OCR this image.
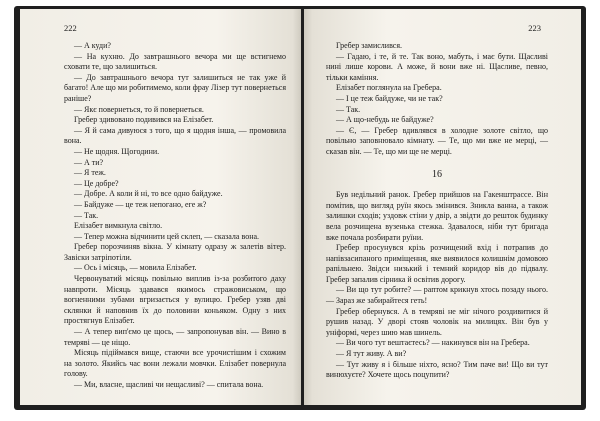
222

— А куди?

— На кухню. До завтрашнього вечора ми ще встигнемо сховати те, що залишиться.

— До завтрашнього вечора тут залишиться не так уже й багато! Але що ми робитимемо, коли фрау Лізер тут повернеться раніше?

— Якє повернеться, то й повернеться.

Гребер здивовано подивився на Елізабет.

— Я й сама дивуюся з того, що я щодня інша, — промовила вона.

— Не щодня. Щогодини.

— А ти?

— Я теж.

— Це добре?

— Добре. А коли й ні, то все одно байдуже.

— Байдуже — це теж непогано, еге ж?

— Так.

Елізабет вимкнула світло.

— Тепер можна відчинити цей склеп, — сказала вона.

Гребер порозчиняв вікна. У кімнату одразу ж залетів вітер. Завіски затріпотіли.

— Ось і місяць, — мовила Елізабет.

Червонуватий місяць повільно виплив із-за розбитого даху навпроти. Місяць здавався якимось стражовиськом, що вогненними зубами вгризається у вулицю. Гребер узяв дві склянки й наповнив їх до половини коньяком. Одну з них простягнув Елізабет.

— А тепер вип'ємо це щось, — запропонував він. — Вино в темряві — це ніщо.

Місяць підіймався вище, стаючи все урочистішим і схожим на золото. Якийсь час вони лежали мовчки. Елізабет повернула голову.

— Ми, власне, щасливі чи нещасливі? — спитала вона.

223

Гребер замислився.

— Гадаю, і те, й те. Так воно, мабуть, і має бути. Щасливі нині лише корови. А може, й вони вже ні. Щасливе, певно, тільки каміння.

Елізабет поглянула на Гребера.

— І це теж байдуже, чи не так?

— Так.

— А що-небудь не байдуже?

— Є, — Гребер вдивлявся в холодне золоте світло, що повільно заповнювало кімнату. — Те, що ми вже не мерці, — сказав він. — Те, що ми ще не мерці.

16

Був недільний ранок. Гребер прийшов на Гакенштрассе. Він помітив, що вигляд руїн якось змінився. Зникла ванна, а також залишки сходів; уздовж стіни у двір, а звідти до решток будинку вела розчищена вузенька стежка. Здавалося, ніби тут бригада вже почала розбирати руїни.

Гребер просунувся крізь розчищений вхід і потрапив до напівзасипаного приміщення, яке виявилося колишнім домовою рапільнею. Звідси низький і темний коридор вів до підвалу. Гребер запалив сірника й освітив дорогу.

— Ви що тут робите? — раптом крикнув хтось позаду нього. — Зараз же забирайтеся геть!

Гребер обернувся. А в темряві не міг нічого роздивитися й рушив назад. У дворі стояв чоловік на милицях. Він був у уніформі, через шию мав шинель.

— Ви чого тут вештаєтесь? — накинувся він на Гребера.

— Я тут живу. А ви?

— Тут живу я і більше ніхто, ясно? Тим паче ви! Що ви тут винюхуєте? Хочете щось поцупити?
